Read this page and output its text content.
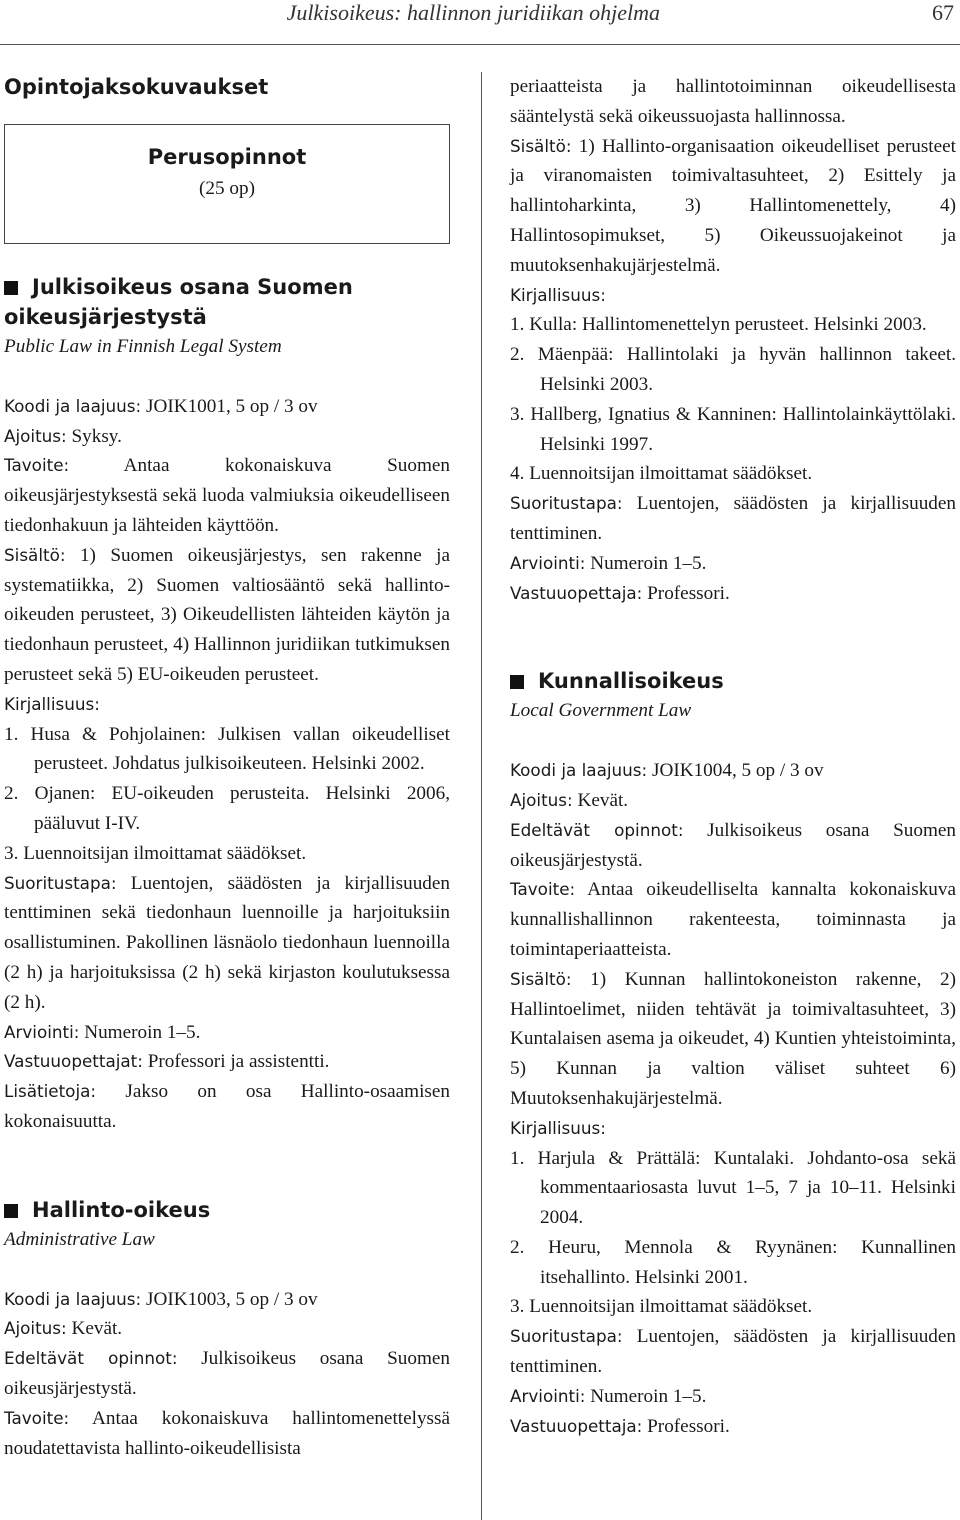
Julkisoikeus: hallinnon juridiikan ohjelma	67
Opintojaksokuvaukset
Perusopinnot
(25 op)
Julkisoikeus osana Suomen
oikeusjärjestystä
Public Law in Finnish Legal System

Koodi ja laajuus: JOIK1001, 5 op / 3 ov

Ajoitus: Syksy.

Tavoite: Antaa kokonaiskuva Suomen oikeusjärjestyksestä sekä luoda valmiuksia oikeudelliseen tiedonhakuun ja lähteiden käyttöön.

Sisältö: 1) Suomen oikeusjärjestys, sen rakenne ja systematiikka, 2) Suomen valtiosääntö sekä hallinto-oikeuden perusteet, 3) Oikeudellisten lähteiden käytön ja tiedonhaun perusteet, 4) Hallinnon juridiikan tutkimuksen perusteet sekä 5) EU-oikeuden perusteet.

Kirjallisuus:

1. Husa & Pohjolainen: Julkisen vallan oikeudelliset perusteet. Johdatus julkisoikeuteen. Helsinki 2002.
2. Ojanen: EU-oikeuden perusteita. Helsinki 2006, pääluvut I-IV.
3. Luennoitsijan ilmoittamat säädökset.

Suoritustapa: Luentojen, säädösten ja kirjallisuuden tenttiminen sekä tiedonhaun luennoille ja harjoituksiin osallistuminen. Pakollinen läsnäolo tiedonhaun luennoilla (2 h) ja harjoituksissa (2 h) sekä kirjaston koulutuksessa (2 h).

Arviointi: Numeroin 1–5.

Vastuuopettajat: Professori ja assistentti.

Lisätietoja: Jakso on osa Hallinto-osaamisen kokonaisuutta.

Hallinto-oikeus
Administrative Law

Koodi ja laajuus: JOIK1003, 5 op / 3 ov

Ajoitus: Kevät.

Edeltävät opinnot: Julkisoikeus osana Suomen oikeusjärjestystä.

Tavoite: Antaa kokonaiskuva hallintomenettelyssä noudatettavista hallinto-oikeudellisista

periaatteista ja hallintotoiminnan oikeudellisesta sääntelystä sekä oikeussuojasta hallinnossa.

Sisältö: 1) Hallinto-organisaation oikeudelliset perusteet ja viranomaisten toimivaltasuhteet, 2) Esittely ja hallintoharkinta, 3) Hallintomenettely, 4) Hallintosopimukset, 5) Oikeussuojakeinot ja muutoksenhakujärjestelmä.

Kirjallisuus:

1. Kulla: Hallintomenettelyn perusteet. Helsinki 2003.
2. Mäenpää: Hallintolaki ja hyvän hallinnon takeet. Helsinki 2003.
3. Hallberg, Ignatius & Kanninen: Hallintolainkäyttölaki. Helsinki 1997.
4. Luennoitsijan ilmoittamat säädökset.

Suoritustapa: Luentojen, säädösten ja kirjallisuuden tenttiminen.

Arviointi: Numeroin 1–5.

Vastuuopettaja: Professori.

Kunnallisoikeus
Local Government Law

Koodi ja laajuus: JOIK1004, 5 op / 3 ov

Ajoitus: Kevät.

Edeltävät opinnot: Julkisoikeus osana Suomen oikeusjärjestystä.

Tavoite: Antaa oikeudelliselta kannalta kokonaiskuva kunnallishallinnon rakenteesta, toiminnasta ja toimintaperiaatteista.

Sisältö: 1) Kunnan hallintokoneiston rakenne, 2) Hallintoelimet, niiden tehtävät ja toimivaltasuhteet, 3) Kuntalaisen asema ja oikeudet, 4) Kuntien yhteistoiminta, 5) Kunnan ja valtion väliset suhteet 6) Muutoksenhakujärjestelmä.

Kirjallisuus:

1. Harjula & Prättälä: Kuntalaki. Johdanto-osa sekä kommentaariosasta luvut 1–5, 7 ja 10–11. Helsinki 2004.
2. Heuru, Mennola & Ryynänen: Kunnallinen itsehallinto. Helsinki 2001.
3. Luennoitsijan ilmoittamat säädökset.

Suoritustapa: Luentojen, säädösten ja kirjallisuuden tenttiminen.

Arviointi: Numeroin 1–5.

Vastuuopettaja: Professori.
